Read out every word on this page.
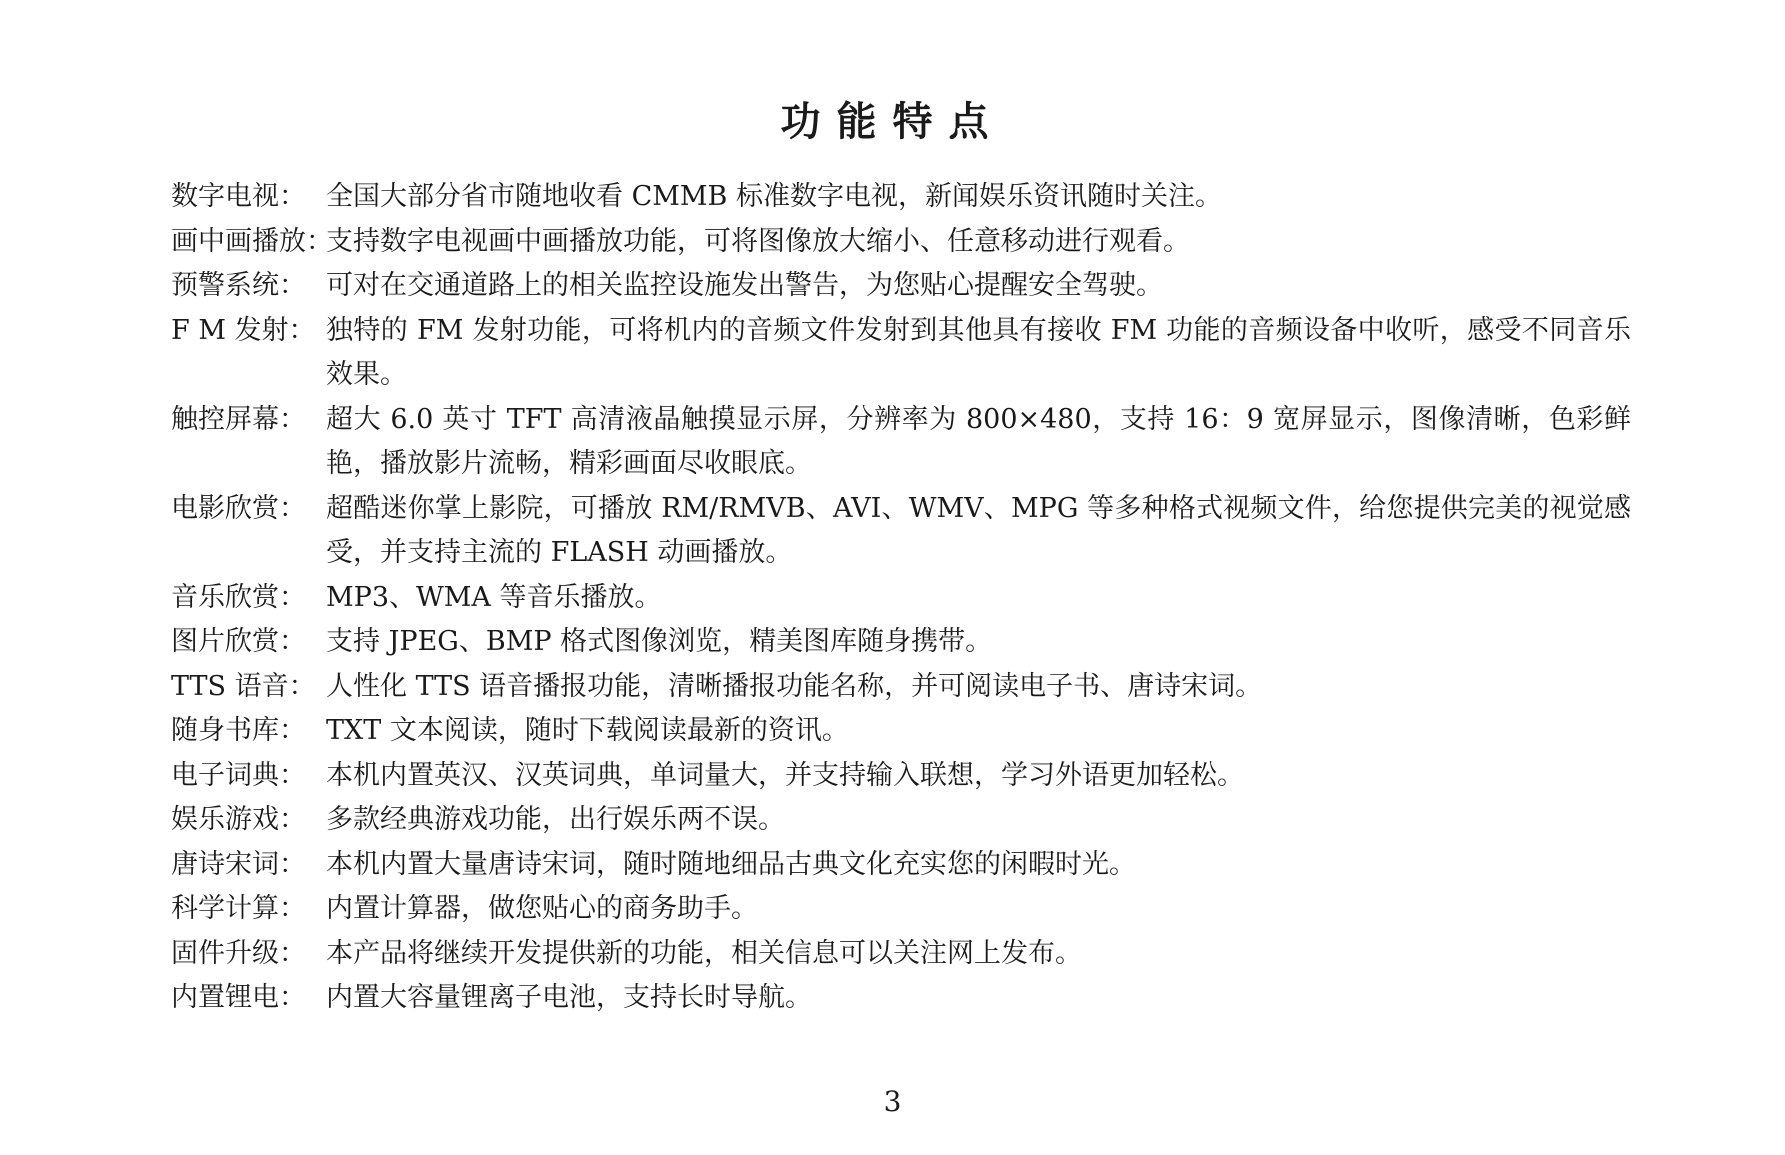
功能特点
数字电视： 全国大部分省市随地收看 CMMB 标准数字电视，新闻娱乐资讯随时关注。
画中画播放：
支持数字电视画中画播放功能，可将图像放大缩小、任意移动进行观看。
预警系统： 可对在交通道路上的相关监控设施发出警告，为您贴心提醒安全驾驶。
F M 发射： 独特的 FM 发射功能，可将机内的音频文件发射到其他具有接收 FM 功能的音频设备中收听，感受不同音乐效果。
触控屏幕： 超大 6.0 英寸 TFT 高清液晶触摸显示屏，分辨率为 800×480，支持 16：9 宽屏显示，图像清晰，色彩鲜艳，播放影片流畅，精彩画面尽收眼底。
电影欣赏： 超酷迷你掌上影院，可播放 RM/RMVB、AVI、WMV、MPG 等多种格式视频文件，给您提供完美的视觉感受，并支持主流的 FLASH 动画播放。
音乐欣赏： MP3、WMA 等音乐播放。
图片欣赏： 支持 JPEG、BMP 格式图像浏览，精美图库随身携带。
TTS 语音： 人性化 TTS 语音播报功能，清晰播报功能名称，并可阅读电子书、唐诗宋词。
随身书库： TXT 文本阅读，随时下载阅读最新的资讯。
电子词典： 本机内置英汉、汉英词典，单词量大，并支持输入联想，学习外语更加轻松。
娱乐游戏： 多款经典游戏功能，出行娱乐两不误。
唐诗宋词： 本机内置大量唐诗宋词，随时随地细品古典文化充实您的闲暇时光。
科学计算： 内置计算器，做您贴心的商务助手。
固件升级： 本产品将继续开发提供新的功能，相关信息可以关注网上发布。
内置锂电： 内置大容量锂离子电池，支持长时导航。
3
